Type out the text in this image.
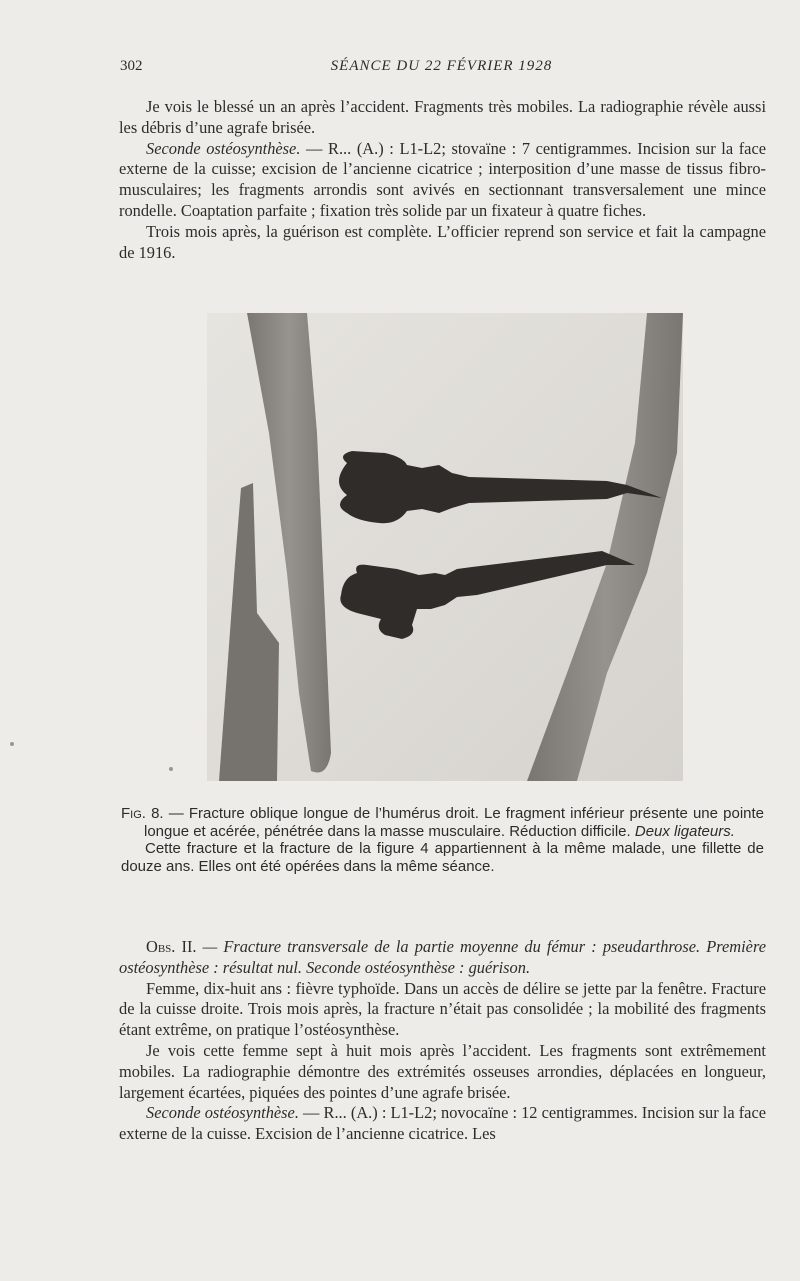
302	SÉANCE DU 22 FÉVRIER 1928

Je vois le blessé un an après l’accident. Fragments très mobiles. La radiographie révèle aussi les débris d’une agrafe brisée.

Seconde ostéosynthèse. — R... (A.) : L1-L2; stovaïne : 7 centigrammes. Incision sur la face externe de la cuisse; excision de l’ancienne cicatrice ; interposition d’une masse de tissus fibro-musculaires; les fragments arrondis sont avivés en sectionnant transversalement une mince rondelle. Coaptation parfaite ; fixation très solide par un fixateur à quatre fiches.

Trois mois après, la guérison est complète. L’officier reprend son service et fait la campagne de 1916.

Fig. 8. — Fracture oblique longue de l’humérus droit. Le fragment inférieur présente une pointe longue et acérée, pénétrée dans la masse musculaire. Réduction difficile. Deux ligateurs.

Cette fracture et la fracture de la figure 4 appartiennent à la même malade, une fillette de douze ans. Elles ont été opérées dans la même séance.

Obs. II. — Fracture transversale de la partie moyenne du fémur : pseudarthrose. Première ostéosynthèse : résultat nul. Seconde ostéosynthèse : guérison.

Femme, dix-huit ans : fièvre typhoïde. Dans un accès de délire se jette par la fenêtre. Fracture de la cuisse droite. Trois mois après, la fracture n’était pas consolidée ; la mobilité des fragments étant extrême, on pratique l’ostéosynthèse.

Je vois cette femme sept à huit mois après l’accident. Les fragments sont extrêmement mobiles. La radiographie démontre des extrémités osseuses arrondies, déplacées en longueur, largement écartées, piquées des pointes d’une agrafe brisée.

Seconde ostéosynthèse. — R... (A.) : L1-L2; novocaïne : 12 centigrammes. Incision sur la face externe de la cuisse. Excision de l’ancienne cicatrice. Les
